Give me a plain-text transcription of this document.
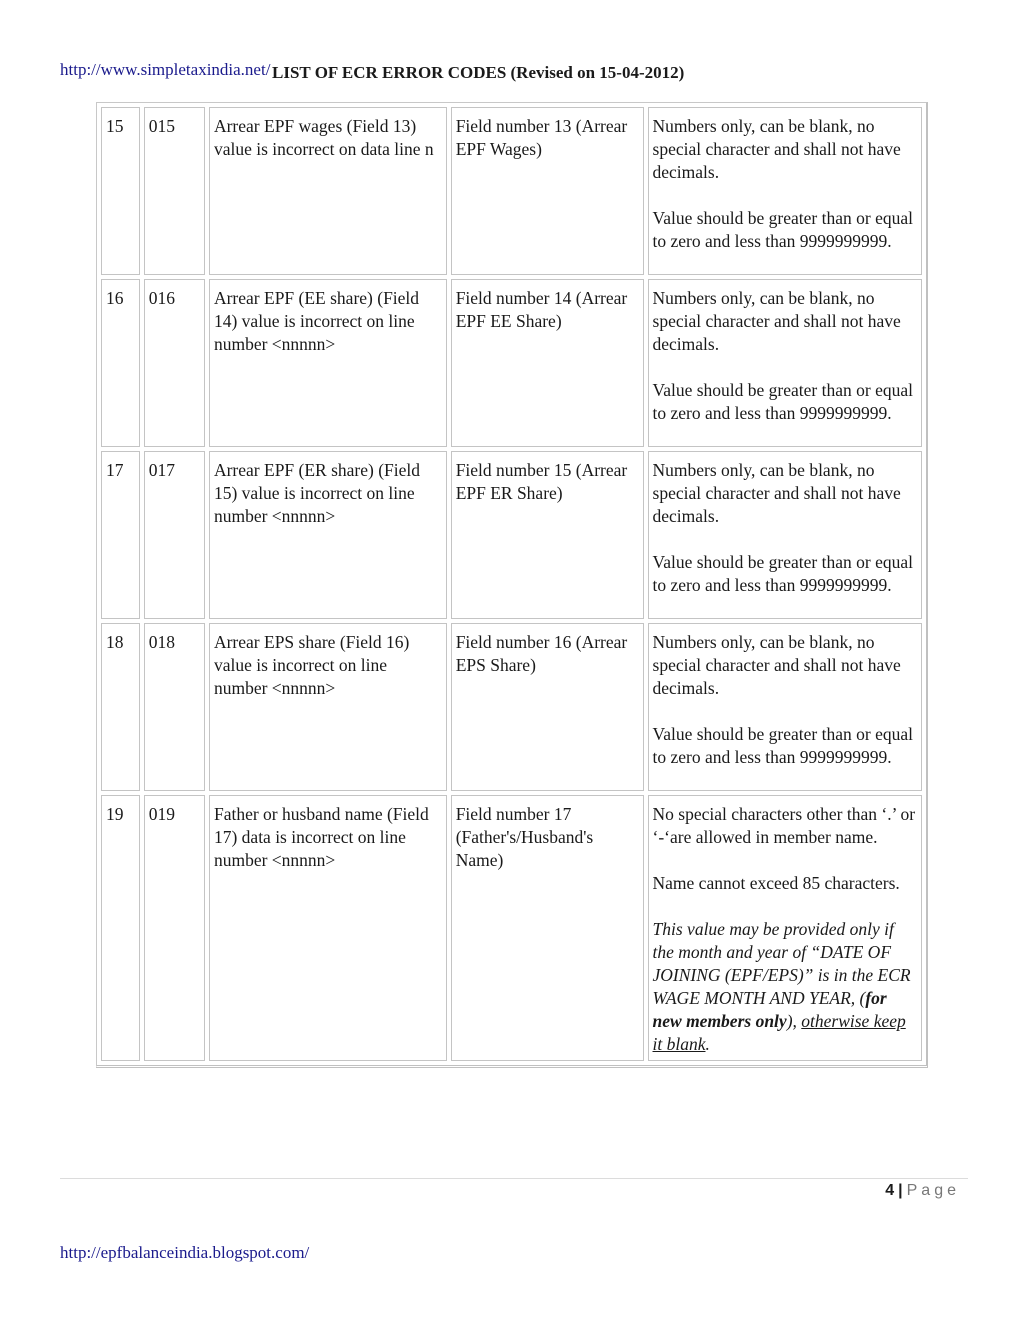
http://www.simpletaxindia.net/ LIST OF ECR ERROR CODES (Revised on 15-04-2012)
15	015	Arrear EPF wages (Field 13) value is incorrect on data line n	Field number 13 (Arrear EPF Wages)	Numbers only, can be blank, no special character and shall not have decimals.

Value should be greater than or equal to zero and less than 9999999999.

16	016	Arrear EPF (EE share) (Field 14) value is incorrect on line number <nnnnn>	Field number 14 (Arrear EPF EE Share)	Numbers only, can be blank, no special character and shall not have decimals.

Value should be greater than or equal to zero and less than 9999999999.

17	017	Arrear EPF (ER share) (Field 15) value is incorrect on line number <nnnnn>	Field number 15 (Arrear EPF ER Share)	Numbers only, can be blank, no special character and shall not have decimals.

Value should be greater than or equal to zero and less than 9999999999.

18	018	Arrear EPS share (Field 16) value is incorrect on line number <nnnnn>	Field number 16 (Arrear EPS Share)	Numbers only, can be blank, no special character and shall not have decimals.

Value should be greater than or equal to zero and less than 9999999999.

19	019	Father or husband name (Field 17) data is incorrect on line number <nnnnn>	Field number 17 (Father's/Husband's Name)	No special characters other than ‘.’ or ‘-‘are allowed in member name.

Name cannot exceed 85 characters.

This value may be provided only if the month and year of “DATE OF JOINING (EPF/EPS)” is in the ECR WAGE MONTH AND YEAR, (for new members only), otherwise keep it blank.

4 | Page
http://epfbalanceindia.blogspot.com/
